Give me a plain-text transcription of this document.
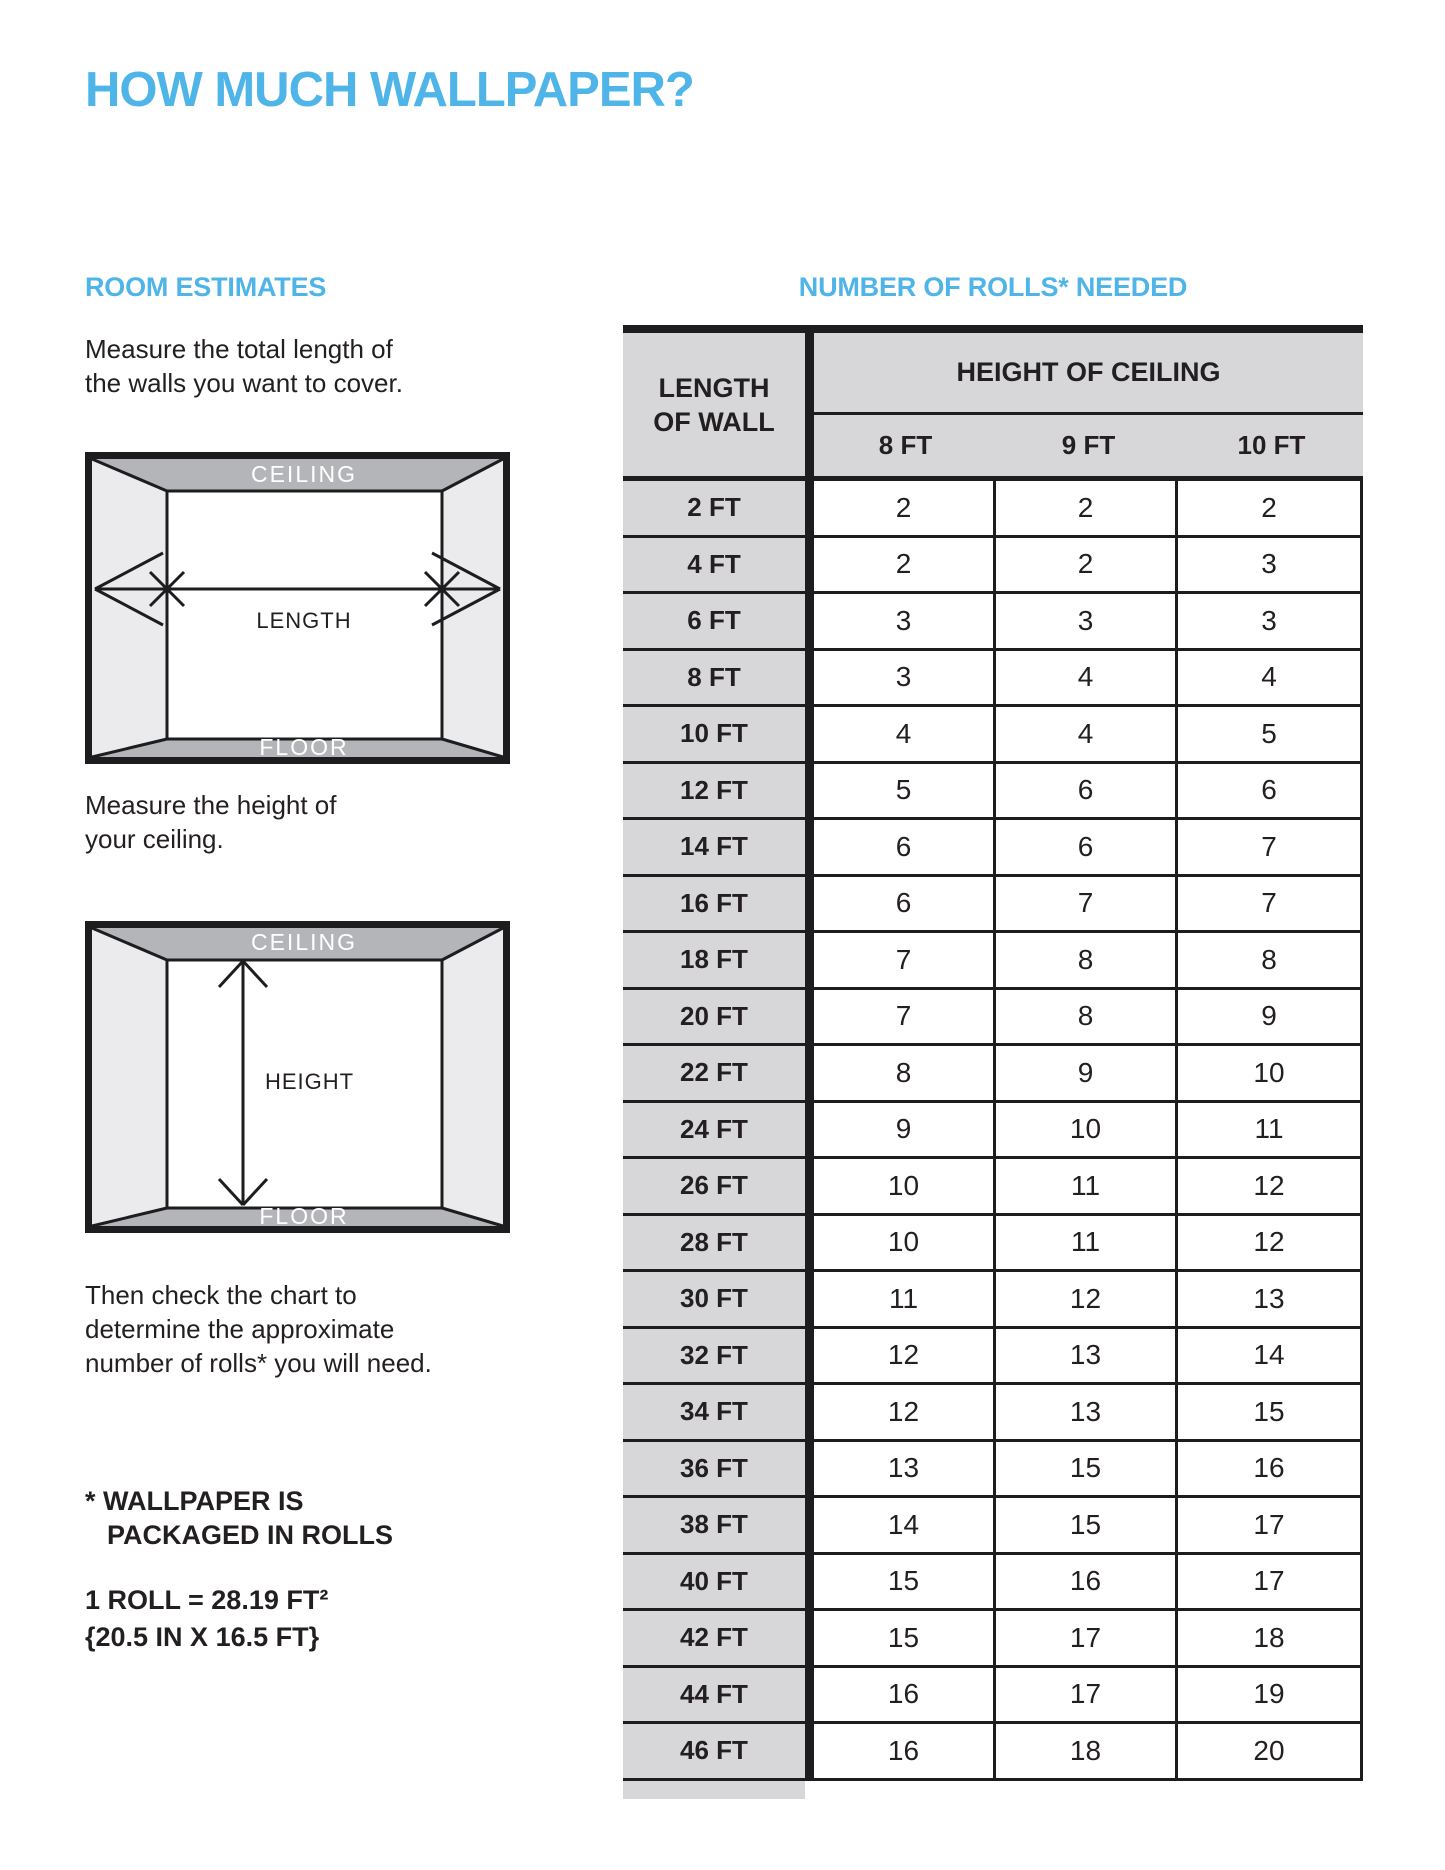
HOW MUCH WALLPAPER?
ROOM ESTIMATES

Measure the total length of
the walls you want to cover.

CEILING
FLOOR
LENGTH

Measure the height of
your ceiling.

CEILING
FLOOR
HEIGHT

Then check the chart to
determine the approximate
number of rolls* you will need.

* WALLPAPER IS
PACKAGED IN ROLLS
1 ROLL = 28.19 FT²
{20.5 IN X 16.5 FT}
NUMBER OF ROLLS* NEEDED
LENGTH
OF WALL
HEIGHT OF CEILING
8 FT	9 FT	10 FT
2 FT	2	2	2
4 FT	2	2	3
6 FT	3	3	3
8 FT	3	4	4
10 FT	4	4	5
12 FT	5	6	6
14 FT	6	6	7
16 FT	6	7	7
18 FT	7	8	8
20 FT	7	8	9
22 FT	8	9	10
24 FT	9	10	11
26 FT	10	11	12
28 FT	10	11	12
30 FT	11	12	13
32 FT	12	13	14
34 FT	12	13	15
36 FT	13	15	16
38 FT	14	15	17
40 FT	15	16	17
42 FT	15	17	18
44 FT	16	17	19
46 FT	16	18	20
